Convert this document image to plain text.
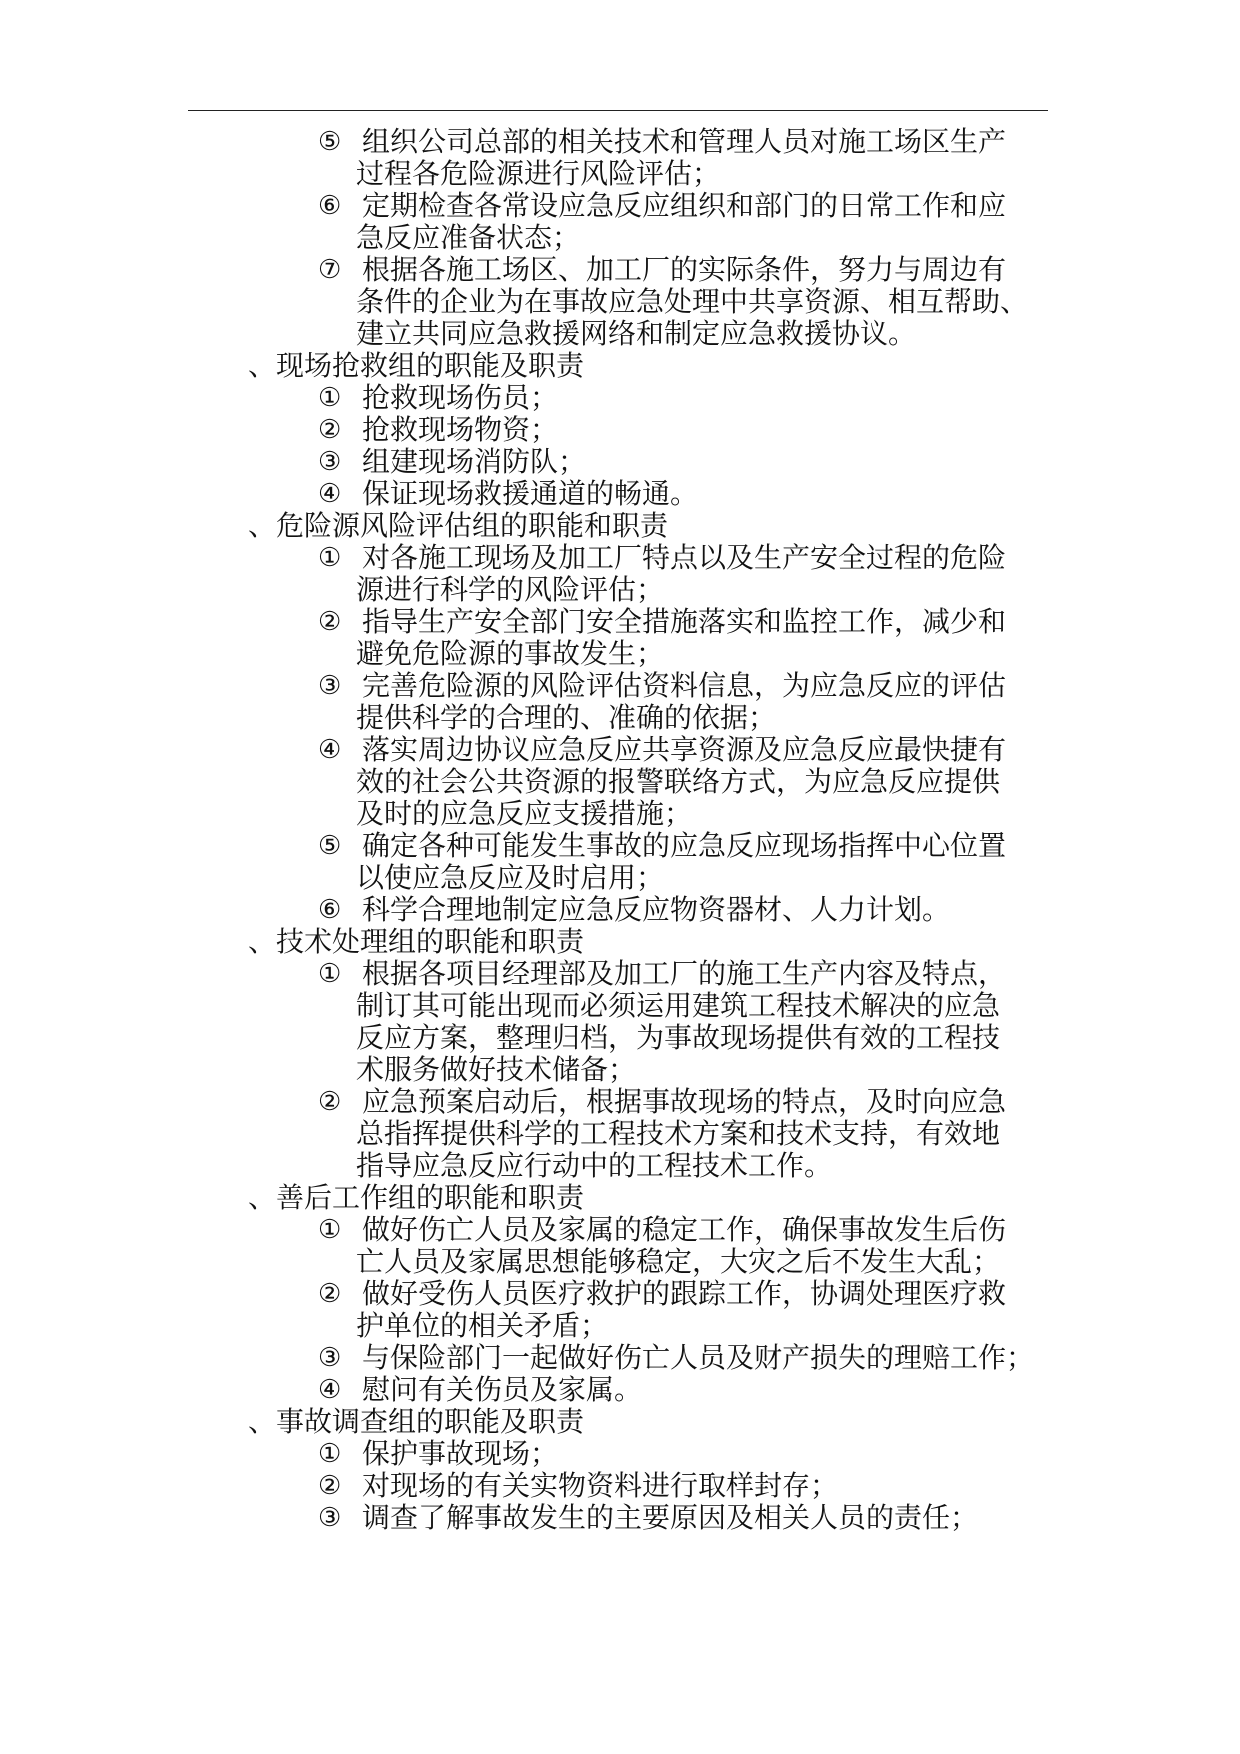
⑤ 组织公司总部的相关技术和管理人员对施工场区生产
过程各危险源进行风险评估；
⑥ 定期检查各常设应急反应组织和部门的日常工作和应
急反应准备状态；
⑦ 根据各施工场区、加工厂的实际条件，努力与周边有
条件的企业为在事故应急处理中共享资源、相互帮助、
建立共同应急救援网络和制定应急救援协议。
、现场抢救组的职能及职责
① 抢救现场伤员；
② 抢救现场物资；
③ 组建现场消防队；
④ 保证现场救援通道的畅通。
、危险源风险评估组的职能和职责
① 对各施工现场及加工厂特点以及生产安全过程的危险
源进行科学的风险评估；
② 指导生产安全部门安全措施落实和监控工作，减少和
避免危险源的事故发生；
③ 完善危险源的风险评估资料信息，为应急反应的评估
提供科学的合理的、准确的依据；
④ 落实周边协议应急反应共享资源及应急反应最快捷有
效的社会公共资源的报警联络方式，为应急反应提供
及时的应急反应支援措施；
⑤ 确定各种可能发生事故的应急反应现场指挥中心位置
以使应急反应及时启用；
⑥ 科学合理地制定应急反应物资器材、人力计划。
、技术处理组的职能和职责
① 根据各项目经理部及加工厂的施工生产内容及特点，
制订其可能出现而必须运用建筑工程技术解决的应急
反应方案，整理归档，为事故现场提供有效的工程技
术服务做好技术储备；
② 应急预案启动后，根据事故现场的特点，及时向应急
总指挥提供科学的工程技术方案和技术支持，有效地
指导应急反应行动中的工程技术工作。
、善后工作组的职能和职责
① 做好伤亡人员及家属的稳定工作，确保事故发生后伤
亡人员及家属思想能够稳定，大灾之后不发生大乱；
② 做好受伤人员医疗救护的跟踪工作，协调处理医疗救
护单位的相关矛盾；
③ 与保险部门一起做好伤亡人员及财产损失的理赔工作；
④ 慰问有关伤员及家属。
、事故调查组的职能及职责
① 保护事故现场；
② 对现场的有关实物资料进行取样封存；
③ 调查了解事故发生的主要原因及相关人员的责任；
